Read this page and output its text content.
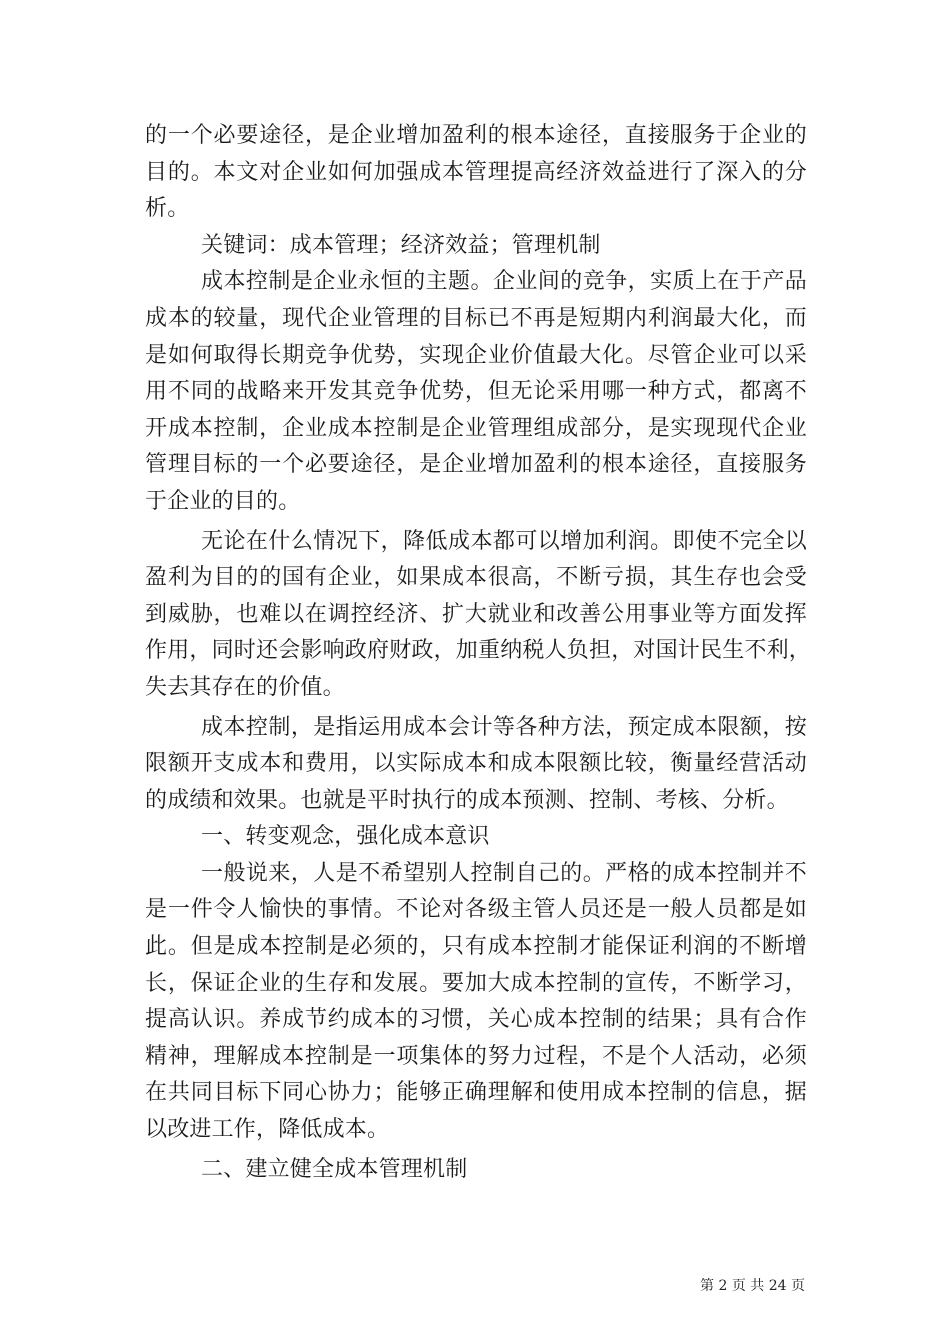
的一个必要途径，是企业增加盈利的根本途径，直接服务于企业的
目的。本文对企业如何加强成本管理提高经济效益进行了深入的分
析。
关键词：成本管理；经济效益；管理机制
成本控制是企业永恒的主题。企业间的竞争，实质上在于产品
成本的较量，现代企业管理的目标已不再是短期内利润最大化，而
是如何取得长期竞争优势，实现企业价值最大化。尽管企业可以采
用不同的战略来开发其竞争优势，但无论采用哪一种方式，都离不
开成本控制，企业成本控制是企业管理组成部分，是实现现代企业
管理目标的一个必要途径，是企业增加盈利的根本途径，直接服务
于企业的目的。
无论在什么情况下，降低成本都可以增加利润。即使不完全以
盈利为目的的国有企业，如果成本很高，不断亏损，其生存也会受
到威胁，也难以在调控经济、扩大就业和改善公用事业等方面发挥
作用，同时还会影响政府财政，加重纳税人负担，对国计民生不利，
失去其存在的价值。
成本控制，是指运用成本会计等各种方法，预定成本限额，按
限额开支成本和费用，以实际成本和成本限额比较，衡量经营活动
的成绩和效果。也就是平时执行的成本预测、控制、考核、分析。
一、转变观念，强化成本意识
一般说来，人是不希望别人控制自己的。严格的成本控制并不
是一件令人愉快的事情。不论对各级主管人员还是一般人员都是如
此。但是成本控制是必须的，只有成本控制才能保证利润的不断增
长，保证企业的生存和发展。要加大成本控制的宣传，不断学习，
提高认识。养成节约成本的习惯，关心成本控制的结果；具有合作
精神，理解成本控制是一项集体的努力过程，不是个人活动，必须
在共同目标下同心协力；能够正确理解和使用成本控制的信息，据
以改进工作，降低成本。
二、建立健全成本管理机制
第 2 页 共 24 页
